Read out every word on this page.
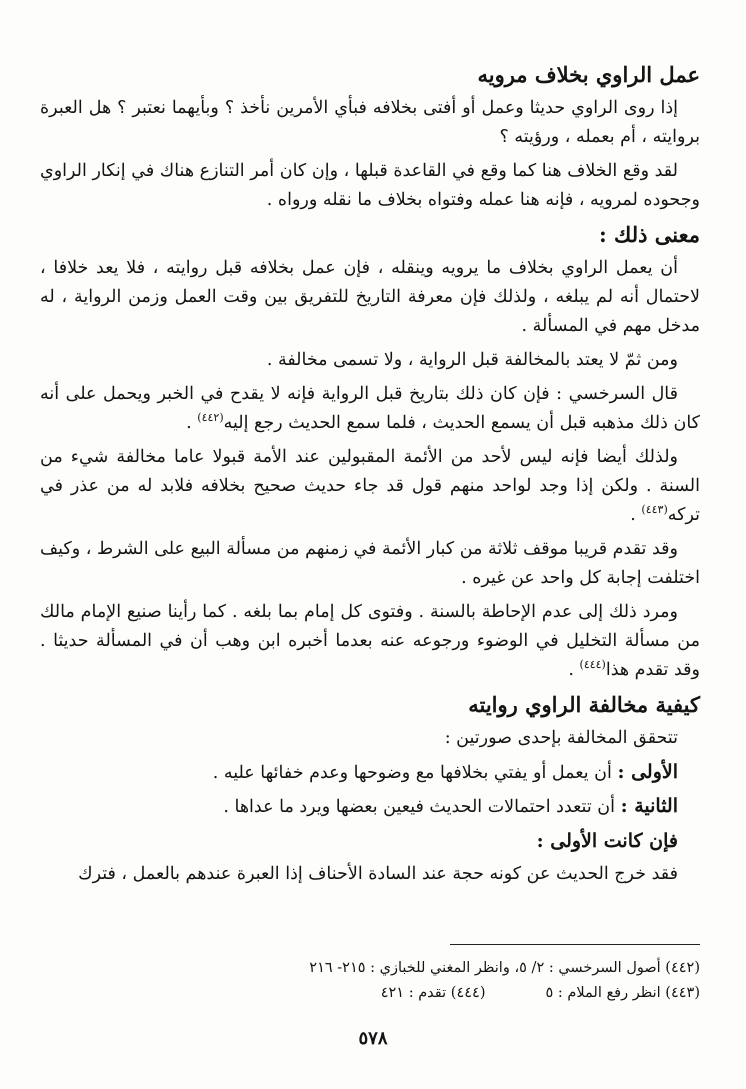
عمل الراوي بخلاف مرويه

إذا روى الراوي حديثا وعمل أو أفتى بخلافه فبأي الأمرين نأخذ ؟ وبأيهما نعتبر ؟ هل العبرة بروايته ، أم بعمله ، ورؤيته ؟

لقد وقع الخلاف هنا كما وقع في القاعدة قبلها ، وإن كان أمر التنازع هناك في إنكار الراوي وجحوده لمرويه ، فإنه هنا عمله وفتواه بخلاف ما نقله ورواه .

معنى ذلك :

أن يعمل الراوي بخلاف ما يرويه وينقله ، فإن عمل بخلافه قبل روايته ، فلا يعد خلافا ، لاحتمال أنه لم يبلغه ، ولذلك فإن معرفة التاريخ للتفريق بين وقت العمل وزمن الرواية ، له مدخل مهم في المسألة .

ومن ثمّ لا يعتد بالمخالفة قبل الرواية ، ولا تسمى مخالفة .

قال السرخسي : فإن كان ذلك بتاريخ قبل الرواية فإنه لا يقدح في الخبر ويحمل على أنه كان ذلك مذهبه قبل أن يسمع الحديث ، فلما سمع الحديث رجع إليه$^{(٤٤٢)}$ .

ولذلك أيضا فإنه ليس لأحد من الأئمة المقبولين عند الأمة قبولا عاما مخالفة شيء من السنة . ولكن إذا وجد لواحد منهم قول قد جاء حديث صحيح بخلافه فلابد له من عذر في تركه$^{(٤٤٣)}$ .

وقد تقدم قريبا موقف ثلاثة من كبار الأئمة في زمنهم من مسألة البيع على الشرط ، وكيف اختلفت إجابة كل واحد عن غيره .

ومرد ذلك إلى عدم الإحاطة بالسنة . وفتوى كل إمام بما بلغه . كما رأينا صنيع الإمام مالك من مسألة التخليل في الوضوء ورجوعه عنه بعدما أخبره ابن وهب أن في المسألة حديثا . وقد تقدم هذا$^{(٤٤٤)}$ .

كيفية مخالفة الراوي روايته

تتحقق المخالفة بإحدى صورتين :

الأولى : أن يعمل أو يفتي بخلافها مع وضوحها وعدم خفائها عليه .
الثانية : أن تتعدد احتمالات الحديث فيعين بعضها ويرد ما عداها .
فإن كانت الأولى :

فقد خرج الحديث عن كونه حجة عند السادة الأحناف إذا العبرة عندهم بالعمل ، فترك

(٤٤٢) أصول السرخسي : ٢/ ٥، وانظر المغني للخبازي : ٢١٥- ٢١٦
(٤٤٣) انظر رفع الملام : ٥
(٤٤٤) تقدم : ٤٢١
٥٧٨
